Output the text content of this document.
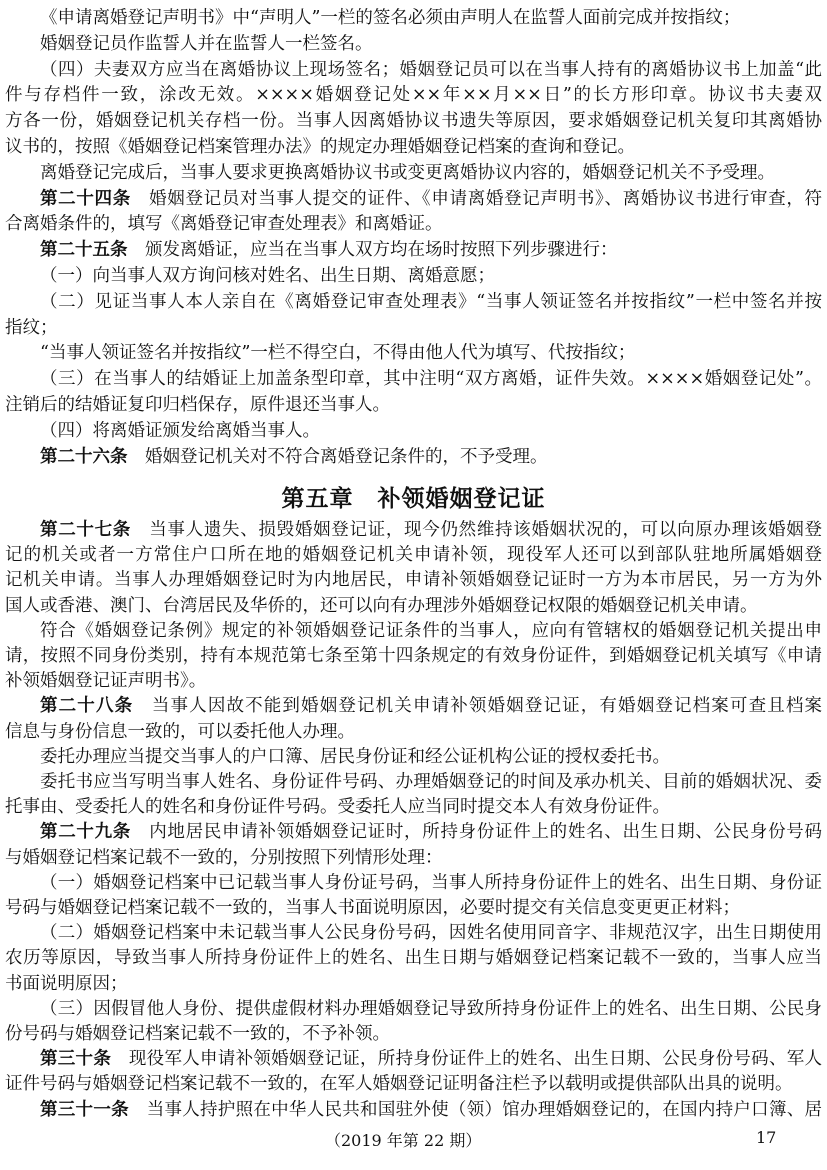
第五章　补领婚姻登记证
（2019 年第 22 期）	17
《申请离婚登记声明书》中“声明人”一栏的签名必须由声明人在监誓人面前完成并按指纹；
婚姻登记员作监誓人并在监誓人一栏签名。
（四）夫妻双方应当在离婚协议上现场签名；婚姻登记员可以在当事人持有的离婚协议书上加盖“此
件与存档件一致，涂改无效。××××婚姻登记处××年××月××日”的长方形印章。协议书夫妻双
方各一份，婚姻登记机关存档一份。当事人因离婚协议书遗失等原因，要求婚姻登记机关复印其离婚协
议书的，按照《婚姻登记档案管理办法》的规定办理婚姻登记档案的查询和登记。
离婚登记完成后，当事人要求更换离婚协议书或变更离婚协议内容的，婚姻登记机关不予受理。
第二十四条　 婚姻登记员对当事人提交的证件、《申请离婚登记声明书》、离婚协议书进行审查，符
合离婚条件的，填写《离婚登记审查处理表》和离婚证。
第二十五条　 颁发离婚证，应当在当事人双方均在场时按照下列步骤进行：
（一）向当事人双方询问核对姓名、出生日期、离婚意愿；
（二）见证当事人本人亲自在《离婚登记审查处理表》“当事人领证签名并按指纹”一栏中签名并按
指纹；
“当事人领证签名并按指纹”一栏不得空白，不得由他人代为填写、代按指纹；
（三）在当事人的结婚证上加盖条型印章，其中注明“双方离婚，证件失效。××××婚姻登记处”。
注销后的结婚证复印归档保存，原件退还当事人。
（四）将离婚证颁发给离婚当事人。
第二十六条　 婚姻登记机关对不符合离婚登记条件的，不予受理。
第二十七条　 当事人遗失、损毁婚姻登记证，现今仍然维持该婚姻状况的，可以向原办理该婚姻登
记的机关或者一方常住户口所在地的婚姻登记机关申请补领，现役军人还可以到部队驻地所属婚姻登
记机关申请。当事人办理婚姻登记时为内地居民，申请补领婚姻登记证时一方为本市居民，另一方为外
国人或香港、澳门、台湾居民及华侨的，还可以向有办理涉外婚姻登记权限的婚姻登记机关申请。
符合《婚姻登记条例》规定的补领婚姻登记证条件的当事人，应向有管辖权的婚姻登记机关提出申
请，按照不同身份类别，持有本规范第七条至第十四条规定的有效身份证件，到婚姻登记机关填写《申请
补领婚姻登记证声明书》。
第二十八条　 当事人因故不能到婚姻登记机关申请补领婚姻登记证，有婚姻登记档案可查且档案
信息与身份信息一致的，可以委托他人办理。
委托办理应当提交当事人的户口簿、居民身份证和经公证机构公证的授权委托书。
委托书应当写明当事人姓名、身份证件号码、办理婚姻登记的时间及承办机关、目前的婚姻状况、委
托事由、受委托人的姓名和身份证件号码。受委托人应当同时提交本人有效身份证件。
第二十九条　 内地居民申请补领婚姻登记证时，所持身份证件上的姓名、出生日期、公民身份号码
与婚姻登记档案记载不一致的，分别按照下列情形处理：
（一）婚姻登记档案中已记载当事人身份证号码，当事人所持身份证件上的姓名、出生日期、身份证
号码与婚姻登记档案记载不一致的，当事人书面说明原因，必要时提交有关信息变更更正材料；
（二）婚姻登记档案中未记载当事人公民身份号码，因姓名使用同音字、非规范汉字，出生日期使用
农历等原因，导致当事人所持身份证件上的姓名、出生日期与婚姻登记档案记载不一致的，当事人应当
书面说明原因；
（三）因假冒他人身份、提供虚假材料办理婚姻登记导致所持身份证件上的姓名、出生日期、公民身
份号码与婚姻登记档案记载不一致的，不予补领。
第三十条　 现役军人申请补领婚姻登记证，所持身份证件上的姓名、出生日期、公民身份号码、军人
证件号码与婚姻登记档案记载不一致的，在军人婚姻登记证明备注栏予以载明或提供部队出具的说明。
第三十一条　 当事人持护照在中华人民共和国驻外使（领）馆办理婚姻登记的，在国内持户口簿、居
